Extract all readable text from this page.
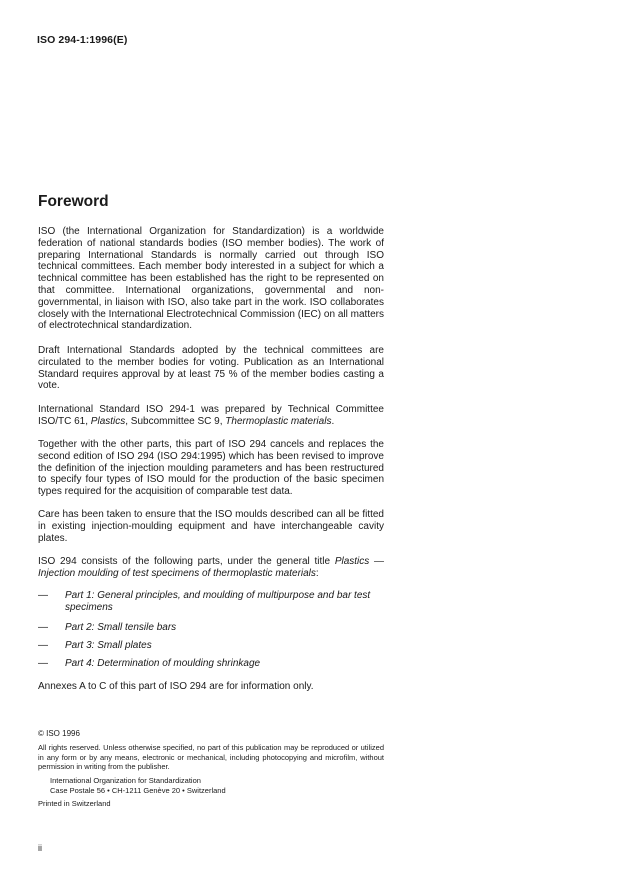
ISO 294-1:1996(E)
Foreword

ISO (the International Organization for Standardization) is a worldwide federation of national standards bodies (ISO member bodies). The work of preparing International Standards is normally carried out through ISO technical committees. Each member body interested in a subject for which a technical committee has been established has the right to be represented on that committee. International organizations, governmental and non-governmental, in liaison with ISO, also take part in the work. ISO collaborates closely with the International Electrotechnical Commission (IEC) on all matters of electrotechnical standardization.

Draft International Standards adopted by the technical committees are circulated to the member bodies for voting. Publication as an International Standard requires approval by at least 75 % of the member bodies casting a vote.

International Standard ISO 294-1 was prepared by Technical Committee ISO/TC 61, Plastics, Subcommittee SC 9, Thermoplastic materials.

Together with the other parts, this part of ISO 294 cancels and replaces the second edition of ISO 294 (ISO 294:1995) which has been revised to improve the definition of the injection moulding parameters and has been restructured to specify four types of ISO mould for the production of the basic specimen types required for the acquisition of comparable test data.

Care has been taken to ensure that the ISO moulds described can all be fitted in existing injection-moulding equipment and have interchangeable cavity plates.

ISO 294 consists of the following parts, under the general title Plastics — Injection moulding of test specimens of thermoplastic materials:

— Part 1: General principles, and moulding of multipurpose and bar test specimens
— Part 2: Small tensile bars
— Part 3: Small plates
— Part 4: Determination of moulding shrinkage

Annexes A to C of this part of ISO 294 are for information only.

© ISO 1996
All rights reserved. Unless otherwise specified, no part of this publication may be reproduced or utilized in any form or by any means, electronic or mechanical, including photocopying and microfilm, without permission in writing from the publisher.
International Organization for Standardization
Case Postale 56 • CH-1211 Genève 20 • Switzerland
Printed in Switzerland
ii
